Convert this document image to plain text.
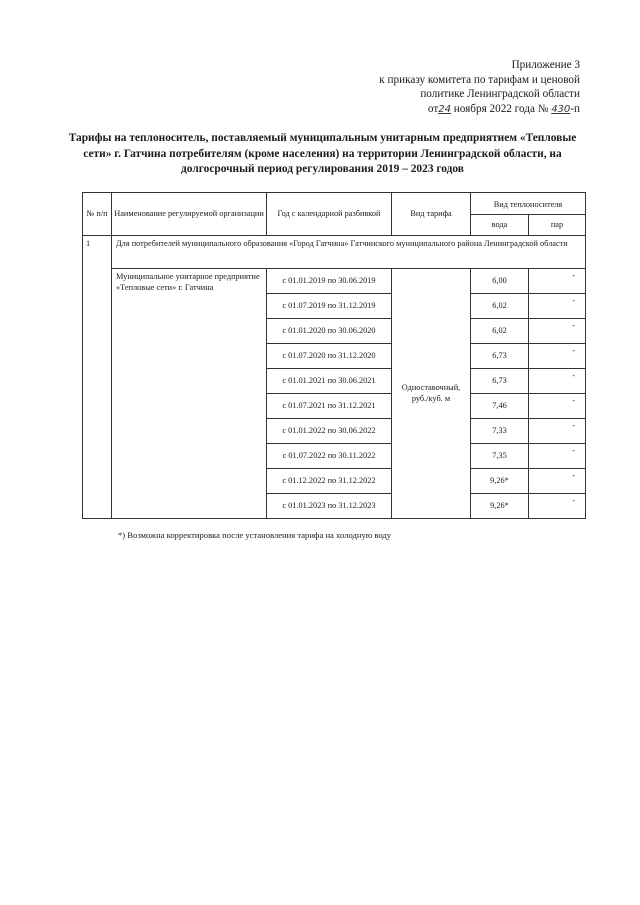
Приложение 3
к приказу комитета по тарифам и ценовой
политике Ленинградской области
от24 ноября 2022 года № 430-п
Тарифы на теплоноситель, поставляемый муниципальным унитарным предприятием «Тепловые сети» г. Гатчина потребителям (кроме населения) на территории Ленинградской области, на долгосрочный период регулирования 2019 – 2023 годов
№ п/п	Наименование регулируемой организации	Год с календарной разбивкой	Вид тарифа	Вид теплоносителя	
				вода	пар
1	Для потребителей муниципального образования «Город Гатчина» Гатчинского муниципального района Ленинградской области				
	Муниципальное унитарное предприятие «Тепловые сети» г. Гатчина	с 01.01.2019 по 30.06.2019	Одноставочный, руб./куб. м	6,00	-
		с 01.07.2019 по 31.12.2019		6,02	-
		с 01.01.2020 по 30.06.2020		6,02	-
		с 01.07.2020 по 31.12.2020		6,73	-
		с 01.01.2021 по 30.06.2021		6,73	-
		с 01.07.2021 по 31.12.2021		7,46	-
		с 01.01.2022 по 30.06.2022		7,33	-
		с 01.07.2022 по 30.11.2022		7,35	-
		с 01.12.2022 по 31.12.2022		9,26*	-
		с 01.01.2023 по 31.12.2023		9,26*	-
*) Возможна корректировка после установления тарифа на холодную воду
